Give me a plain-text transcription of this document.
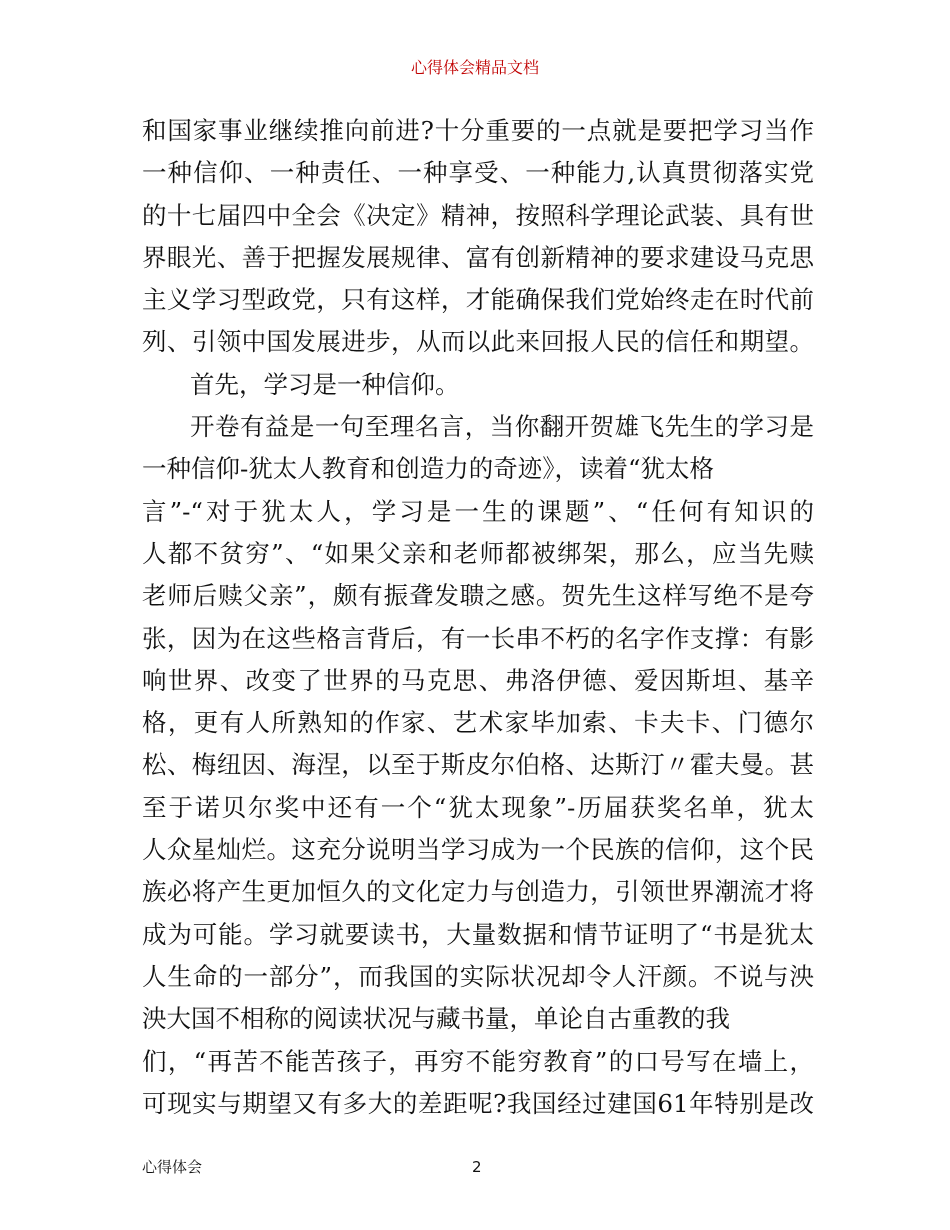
心得体会精品文档
和国家事业继续推向前进?十分重要的一点就是要把学习当作
一种信仰、一种责任、一种享受、一种能力,认真贯彻落实党
的十七届四中全会《决定》精神，按照科学理论武装、具有世
界眼光、善于把握发展规律、富有创新精神的要求建设马克思
主义学习型政党，只有这样，才能确保我们党始终走在时代前
列、引领中国发展进步，从而以此来回报人民的信任和期望。
首先，学习是一种信仰。
开卷有益是一句至理名言，当你翻开贺雄飞先生的学习是
一种信仰-犹太人教育和创造力的奇迹》，读着“犹太格
言”-“对于犹太人，学习是一生的课题”、“任何有知识的
人都不贫穷”、“如果父亲和老师都被绑架，那么，应当先赎
老师后赎父亲”，颇有振聋发聩之感。贺先生这样写绝不是夸
张，因为在这些格言背后，有一长串不朽的名字作支撑：有影
响世界、改变了世界的马克思、弗洛伊德、爱因斯坦、基辛
格，更有人所熟知的作家、艺术家毕加索、卡夫卡、门德尔
松、梅纽因、海涅，以至于斯皮尔伯格、达斯汀〃霍夫曼。甚
至于诺贝尔奖中还有一个“犹太现象”-历届获奖名单，犹太
人众星灿烂。这充分说明当学习成为一个民族的信仰，这个民
族必将产生更加恒久的文化定力与创造力，引领世界潮流才将
成为可能。学习就要读书，大量数据和情节证明了“书是犹太
人生命的一部分”，而我国的实际状况却令人汗颜。不说与泱
泱大国不相称的阅读状况与藏书量，单论自古重教的我
们，“再苦不能苦孩子，再穷不能穷教育”的口号写在墙上，
可现实与期望又有多大的差距呢?我国经过建国61年特别是改
心得体会	2
